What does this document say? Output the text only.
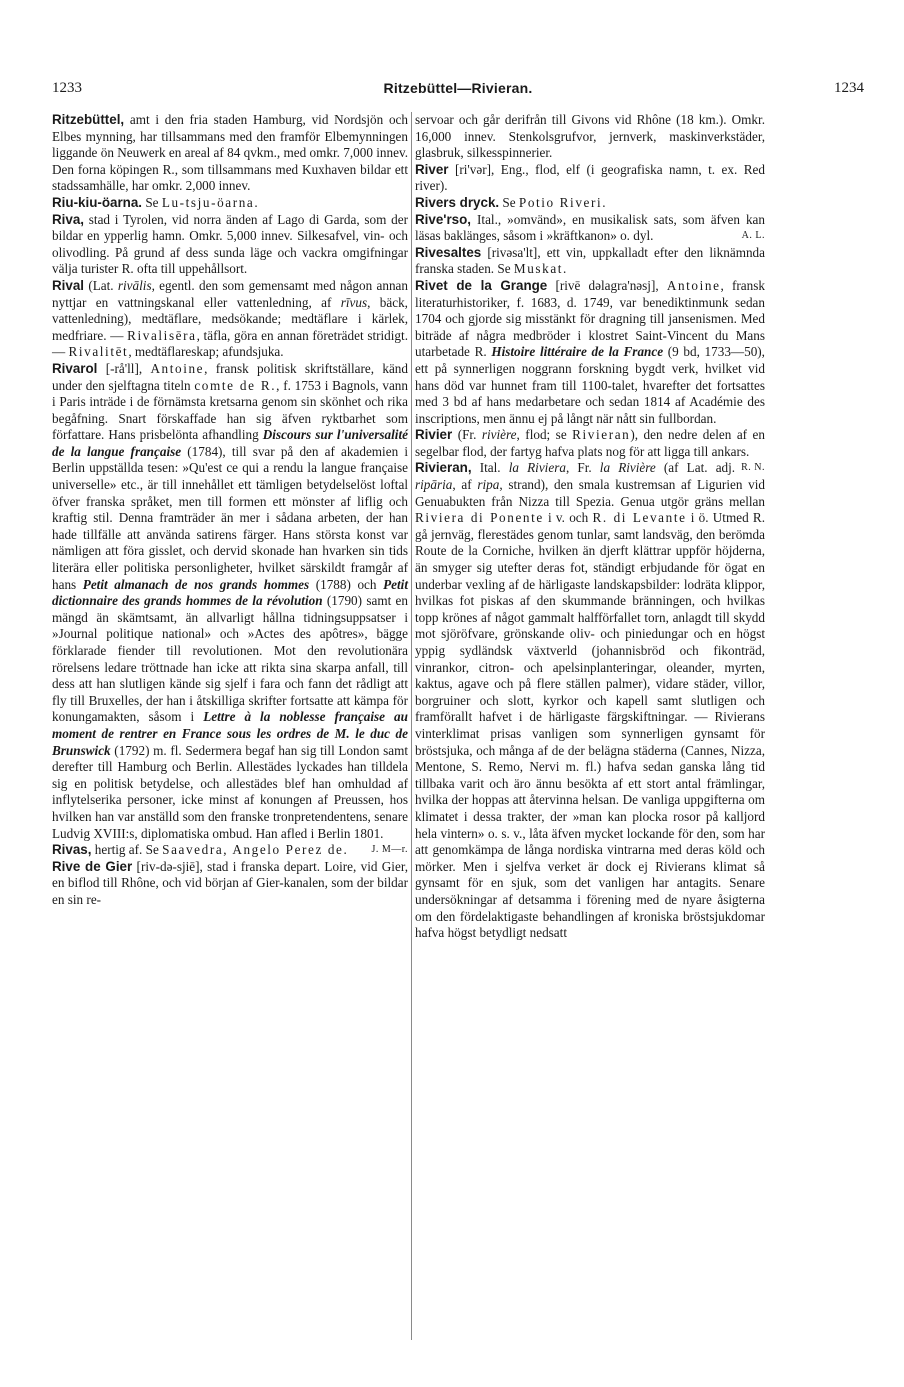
1233	Ritzebüttel—Rivieran.	1234

Ritzebüttel, amt i den fria staden Hamburg, vid Nordsjön och Elbes mynning, har tillsammans med den framför Elbemynningen liggande ön Neuwerk en areal af 84 qvkm., med omkr. 7,000 innev. Den forna köpingen R., som tillsammans med Kuxhaven bildar ett stadssamhälle, har omkr. 2,000 innev.

Riu-kiu-öarna. Se Lu-tsju-öarna.

Riva, stad i Tyrolen, vid norra änden af Lago di Garda, som der bildar en ypperlig hamn. Omkr. 5,000 innev. Silkesafvel, vin- och olivodling. På grund af dess sunda läge och vackra omgifningar välja turister R. ofta till uppehållsort.

Rival (Lat. rivālis, egentl. den som gemensamt med någon annan nyttjar en vattningskanal eller vattenledning, af rīvus, bäck, vattenledning), medtäflare, medsökande; medtäflare i kärlek, medfriare. — Rivalisēra, täfla, göra en annan företrädet stridigt. — Rivalitēt, medtäflareskap; afundsjuka.

Rivarol [-rå'll], Antoine, fransk politisk skriftställare, känd under den sjelftagna titeln comte de R., f. 1753 i Bagnols, vann i Paris inträde i de förnämsta kretsarna genom sin skönhet och rika begåfning. Snart förskaffade han sig äfven ryktbarhet som författare. Hans prisbelönta afhandling Discours sur l'universalité de la langue française (1784), till svar på den af akademien i Berlin uppställda tesen: »Qu'est ce qui a rendu la langue française universelle» etc., är till innehållet ett tämligen betydelselöst loftal öfver franska språket, men till formen ett mönster af liflig och kraftig stil. Denna framträder än mer i sådana arbeten, der han hade tillfälle att använda satirens färger. Hans största konst var nämligen att föra gisslet, och dervid skonade han hvarken sin tids literära eller politiska personligheter, hvilket särskildt framgår af hans Petit almanach de nos grands hommes (1788) och Petit dictionnaire des grands hommes de la révolution (1790) samt en mängd än skämtsamt, än allvarligt hållna tidningsuppsatser i »Journal politique national» och »Actes des apôtres», bägge förklarade fiender till revolutionen. Mot den revolutionära rörelsens ledare tröttnade han icke att rikta sina skarpa anfall, till dess att han slutligen kände sig sjelf i fara och fann det rådligt att fly till Bruxelles, der han i åtskilliga skrifter fortsatte att kämpa för konungamakten, såsom i Lettre à la noblesse française au moment de rentrer en France sous les ordres de M. le duc de Brunswick (1792) m. fl. Sedermera begaf han sig till London samt derefter till Hamburg och Berlin. Allestädes lyckades han tilldela sig en politisk betydelse, och allestädes blef han omhuldad af inflytelserika personer, icke minst af konungen af Preussen, hos hvilken han var anställd som den franske tronpretendentens, senare Ludvig XVIII:s, diplomatiska ombud. Han afled i Berlin 1801.
J. M—r.

Rivas, hertig af. Se Saavedra, Angelo Perez de.

Rive de Gier [riv-də-sjiē], stad i franska depart. Loire, vid Gier, en biflod till Rhône, och vid början af Gier-kanalen, som der bildar en sin re-

servoar och går derifrån till Givons vid Rhône (18 km.). Omkr. 16,000 innev. Stenkolsgrufvor, jernverk, maskinverkstäder, glasbruk, silkesspinnerier.

River [ri'vər], Eng., flod, elf (i geografiska namn, t. ex. Red river).

Rivers dryck. Se Potio Riveri.

Rive'rso, Ital., »omvänd», en musikalisk sats, som äfven kan läsas baklänges, såsom i »kräftkanon» o. dyl.	A. L.

Rivesaltes [rivəsa'lt], ett vin, uppkalladt efter den liknämnda franska staden. Se Muskat.

Rivet de la Grange [rivē dəlagra'nəsj], Antoine, fransk literaturhistoriker, f. 1683, d. 1749, var benediktinmunk sedan 1704 och gjorde sig misstänkt för dragning till jansenismen. Med biträde af några medbröder i klostret Saint-Vincent du Mans utarbetade R. Histoire littéraire de la France (9 bd, 1733—50), ett på synnerligen noggrann forskning bygdt verk, hvilket vid hans död var hunnet fram till 1100-talet, hvarefter det fortsattes med 3 bd af hans medarbetare och sedan 1814 af Académie des inscriptions, men ännu ej på långt när nått sin fullbordan.

Rivier (Fr. rivière, flod; se Rivieran), den nedre delen af en segelbar flod, der fartyg hafva plats nog för att ligga till ankars.
R. N.

Rivieran, Ital. la Riviera, Fr. la Rivière (af Lat. adj. ripāria, af ripa, strand), den smala kustremsan af Ligurien vid Genuabukten från Nizza till Spezia. Genua utgör gräns mellan Riviera di Ponente i v. och R. di Levante i ö. Utmed R. gå jernväg, flerestädes genom tunlar, samt landsväg, den berömda Route de la Corniche, hvilken än djerft klättrar uppför höjderna, än smyger sig utefter deras fot, ständigt erbjudande för ögat en underbar vexling af de härligaste landskapsbilder: lodräta klippor, hvilkas fot piskas af den skummande bränningen, och hvilkas topp krönes af något gammalt halfförfallet torn, anlagdt till skydd mot sjöröfvare, grönskande oliv- och piniedungar och en högst yppig sydländsk växtverld (johannisbröd och fikonträd, vinrankor, citron- och apelsinplanteringar, oleander, myrten, kaktus, agave och på flere ställen palmer), vidare städer, villor, borgruiner och slott, kyrkor och kapell samt slutligen och framförallt hafvet i de härligaste färgskiftningar. — Rivierans vinterklimat prisas vanligen som synnerligen gynsamt för bröstsjuka, och många af de der belägna städerna (Cannes, Nizza, Mentone, S. Remo, Nervi m. fl.) hafva sedan ganska lång tid tillbaka varit och äro ännu besökta af ett stort antal främlingar, hvilka der hoppas att återvinna helsan. De vanliga uppgifterna om klimatet i dessa trakter, der »man kan plocka rosor på kalljord hela vintern» o. s. v., låta äfven mycket lockande för den, som har att genomkämpa de långa nordiska vintrarna med deras köld och mörker. Men i sjelfva verket är dock ej Rivierans klimat så gynsamt för en sjuk, som det vanligen har antagits. Senare undersökningar af detsamma i förening med de nyare åsigterna om den fördelaktigaste behandlingen af kroniska bröstsjukdomar hafva högst betydligt nedsatt
